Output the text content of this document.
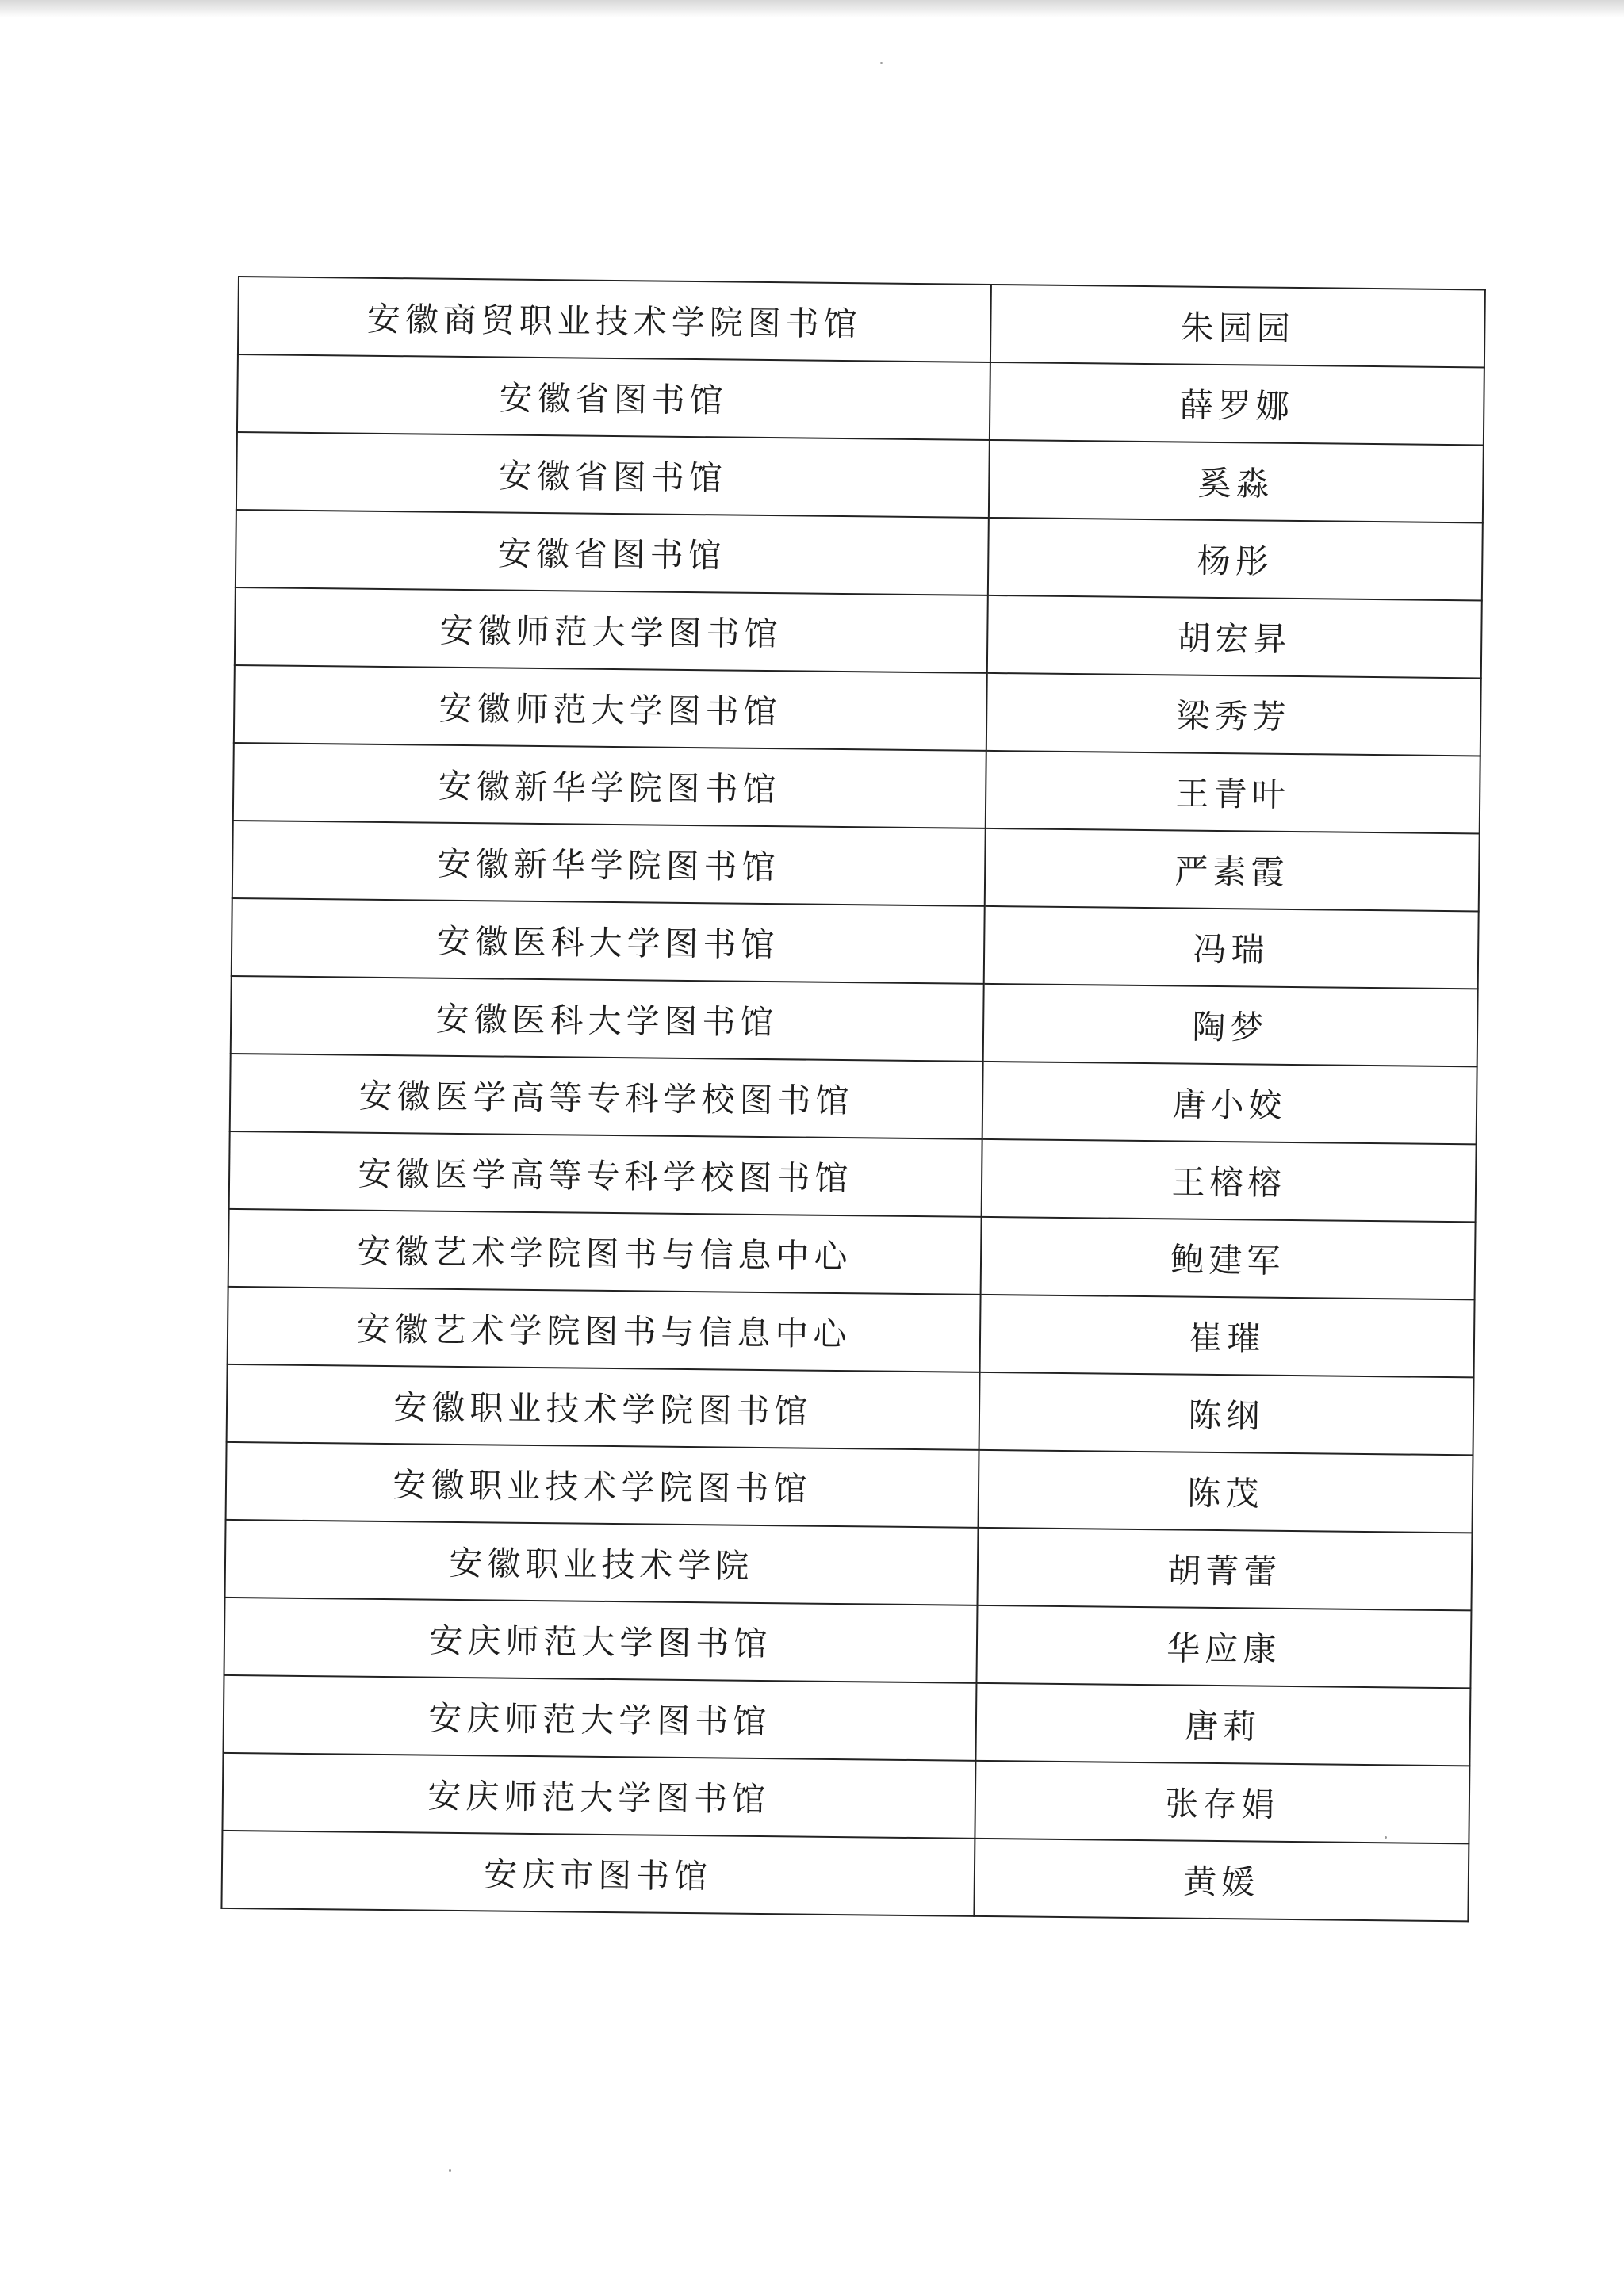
安徽商贸职业技术学院图书馆	朱园园
安徽省图书馆	薛罗娜
安徽省图书馆	奚淼
安徽省图书馆	杨彤
安徽师范大学图书馆	胡宏昇
安徽师范大学图书馆	梁秀芳
安徽新华学院图书馆	王青叶
安徽新华学院图书馆	严素霞
安徽医科大学图书馆	冯瑞
安徽医科大学图书馆	陶梦
安徽医学高等专科学校图书馆	唐小姣
安徽医学高等专科学校图书馆	王榕榕
安徽艺术学院图书与信息中心	鲍建军
安徽艺术学院图书与信息中心	崔璀
安徽职业技术学院图书馆	陈纲
安徽职业技术学院图书馆	陈茂
安徽职业技术学院	胡菁蕾
安庆师范大学图书馆	华应康
安庆师范大学图书馆	唐莉
安庆师范大学图书馆	张存娟
安庆市图书馆	黄媛
